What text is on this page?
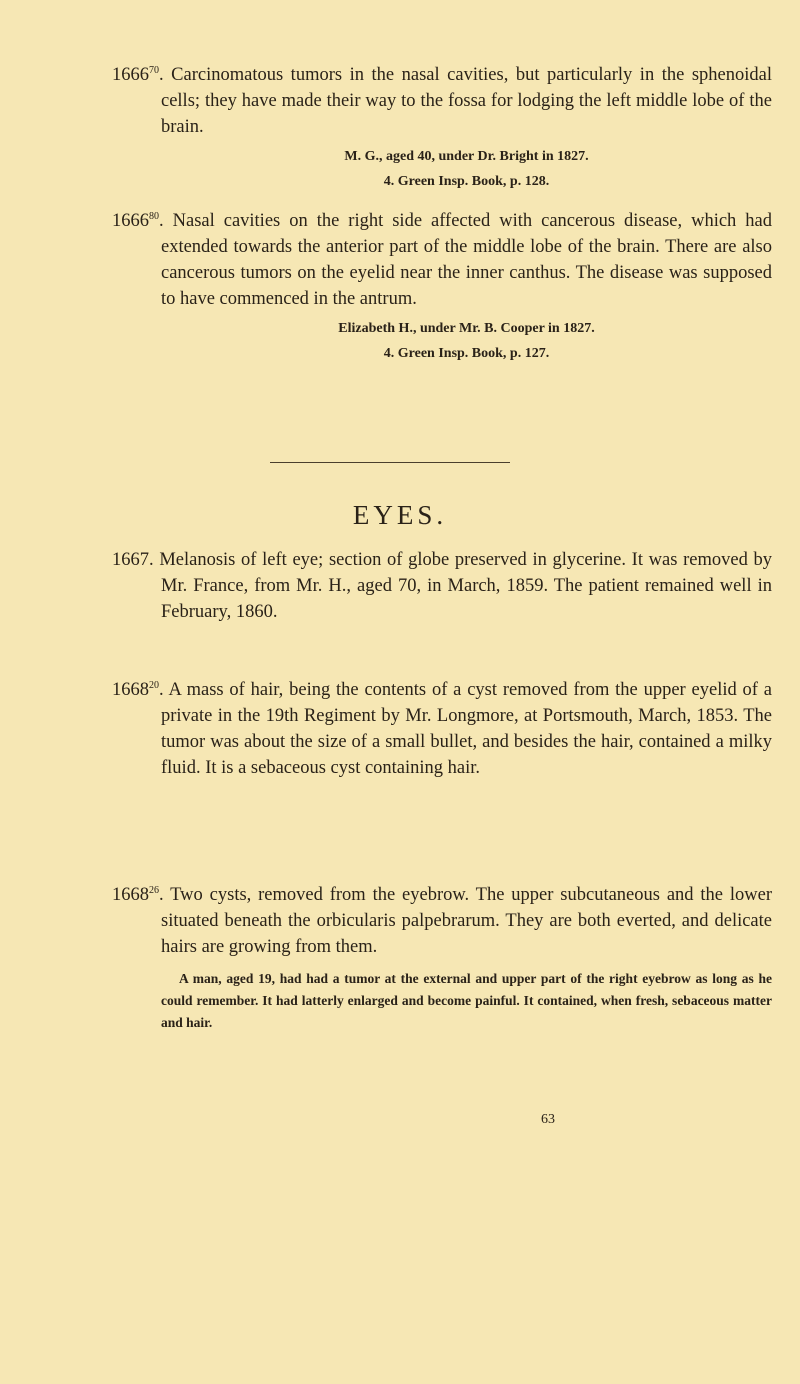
1666$^{70}$. Carcinomatous tumors in the nasal cavities, but particularly in the sphenoidal cells; they have made their way to the fossa for lodging the left middle lobe of the brain.
M. G., aged 40, under Dr. Bright in 1827.
4. Green Insp. Book, p. 128.
1666$^{80}$. Nasal cavities on the right side affected with cancerous disease, which had extended towards the anterior part of the middle lobe of the brain. There are also cancerous tumors on the eyelid near the inner canthus. The disease was supposed to have commenced in the antrum.
Elizabeth H., under Mr. B. Cooper in 1827.
4. Green Insp. Book, p. 127.
EYES.
1667. Melanosis of left eye; section of globe preserved in glycerine. It was removed by Mr. France, from Mr. H., aged 70, in March, 1859. The patient remained well in February, 1860.
1668$^{20}$. A mass of hair, being the contents of a cyst removed from the upper eyelid of a private in the 19th Regiment by Mr. Longmore, at Portsmouth, March, 1853. The tumor was about the size of a small bullet, and besides the hair, contained a milky fluid. It is a sebaceous cyst containing hair.
1668$^{26}$. Two cysts, removed from the eyebrow. The upper subcutaneous and the lower situated beneath the orbicularis palpebrarum. They are both everted, and delicate hairs are growing from them.
A man, aged 19, had had a tumor at the external and upper part of the right eyebrow as long as he could remember. It had latterly enlarged and become painful. It contained, when fresh, sebaceous matter and hair.
63
